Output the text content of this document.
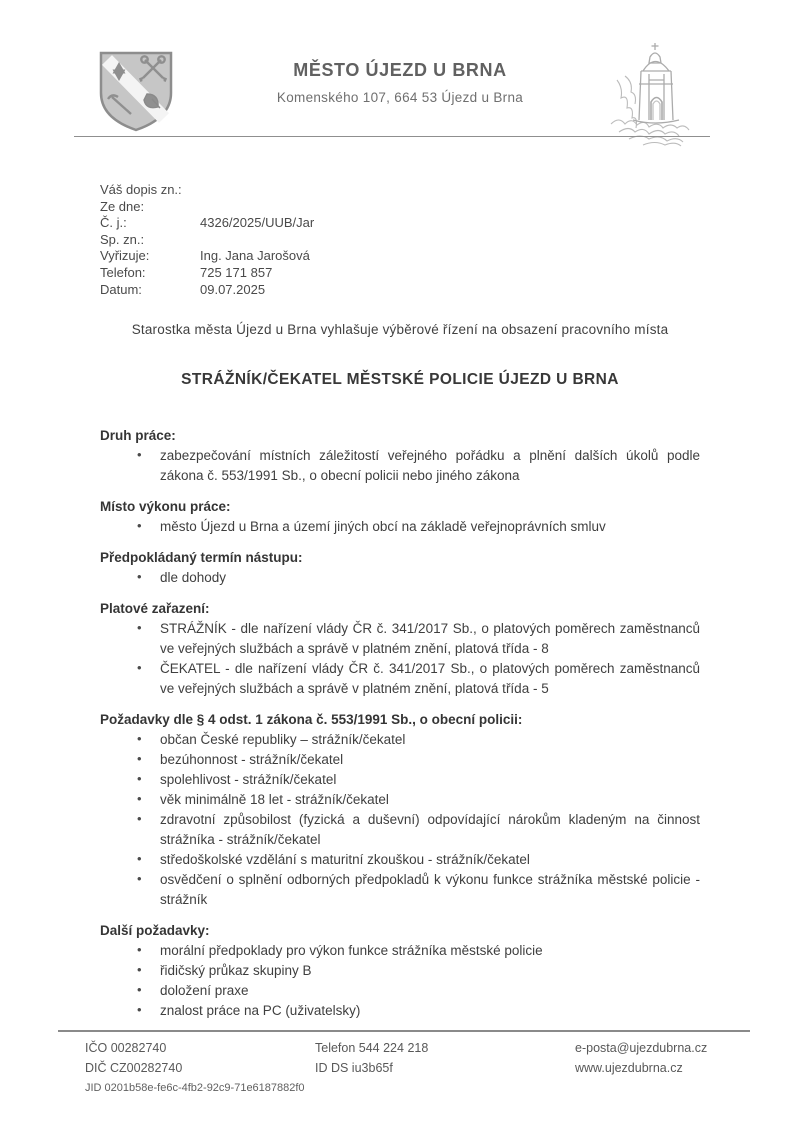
MĚSTO ÚJEZD U BRNA
Komenského 107, 664 53 Újezd u Brna
Váš dopis zn.:
Ze dne:
Č. j.:	4326/2025/UUB/Jar
Sp. zn.:
Vyřizuje:	Ing. Jana Jarošová
Telefon:	725 171 857
Datum:	09.07.2025
Starostka města Újezd u Brna vyhlašuje výběrové řízení na obsazení pracovního místa
STRÁŽNÍK/ČEKATEL MĚSTSKÉ POLICIE ÚJEZD U BRNA
Druh práce:
• zabezpečování místních záležitostí veřejného pořádku a plnění dalších úkolů podle zákona č. 553/1991 Sb., o obecní policii nebo jiného zákona
Místo výkonu práce:
• město Újezd u Brna a území jiných obcí na základě veřejnoprávních smluv
Předpokládaný termín nástupu:
• dle dohody
Platové zařazení:
• STRÁŽNÍK - dle nařízení vlády ČR č. 341/2017 Sb., o platových poměrech zaměstnanců ve veřejných službách a správě v platném znění, platová třída - 8
• ČEKATEL - dle nařízení vlády ČR č. 341/2017 Sb., o platových poměrech zaměstnanců ve veřejných službách a správě v platném znění, platová třída - 5
Požadavky dle § 4 odst. 1 zákona č. 553/1991 Sb., o obecní policii:
• občan České republiky – strážník/čekatel
• bezúhonnost - strážník/čekatel
• spolehlivost - strážník/čekatel
• věk minimálně 18 let - strážník/čekatel
• zdravotní způsobilost (fyzická a duševní) odpovídající nárokům kladeným na činnost strážníka - strážník/čekatel
• středoškolské vzdělání s maturitní zkouškou - strážník/čekatel
• osvědčení o splnění odborných předpokladů k výkonu funkce strážníka městské policie - strážník
Další požadavky:
• morální předpoklady pro výkon funkce strážníka městské policie
• řidičský průkaz skupiny B
• doložení praxe
• znalost práce na PC (uživatelsky)
IČO 00282740
DIČ CZ00282740
JID 0201b58e-fe6c-4fb2-92c9-71e6187882f0
Telefon 544 224 218
ID DS iu3b65f
e-posta@ujezdubrna.cz
www.ujezdubrna.cz
